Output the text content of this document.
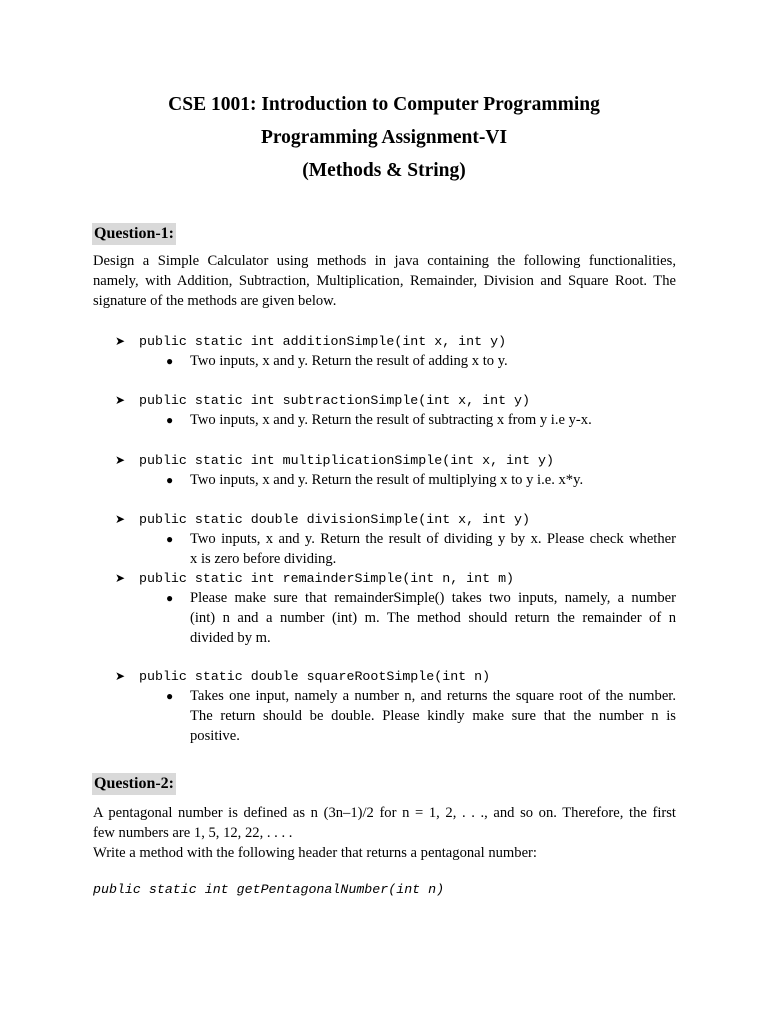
CSE 1001: Introduction to Computer Programming
Programming Assignment-VI
(Methods & String)
Question-1:
Design a Simple Calculator using methods in java containing the following functionalities,
namely, with Addition, Subtraction, Multiplication, Remainder, Division and Square Root. The
signature of the methods are given below.
➤ public static int additionSimple(int x, int y)
● Two inputs, x and y. Return the result of adding x to y.
➤ public static int subtractionSimple(int x, int y)
● Two inputs, x and y. Return the result of subtracting x from y i.e y-x.
➤ public static int multiplicationSimple(int x, int y)
● Two inputs, x and y. Return the result of multiplying x to y i.e. x*y.
➤ public static double divisionSimple(int x, int y)
● Two inputs, x and y. Return the result of dividing y by x. Please check whether
x is zero before dividing.
➤ public static int remainderSimple(int n, int m)
● Please make sure that remainderSimple() takes two inputs, namely, a number
(int) n and a number (int) m. The method should return the remainder of n
divided by m.
➤ public static double squareRootSimple(int n)
● Takes one input, namely a number n, and returns the square root of the number.
The return should be double. Please kindly make sure that the number n is
positive.
Question-2:
A pentagonal number is defined as n (3n–1)/2 for n = 1, 2, . . ., and so on. Therefore, the first
few numbers are 1, 5, 12, 22, . . . .
Write a method with the following header that returns a pentagonal number:
public static int getPentagonalNumber(int n)
